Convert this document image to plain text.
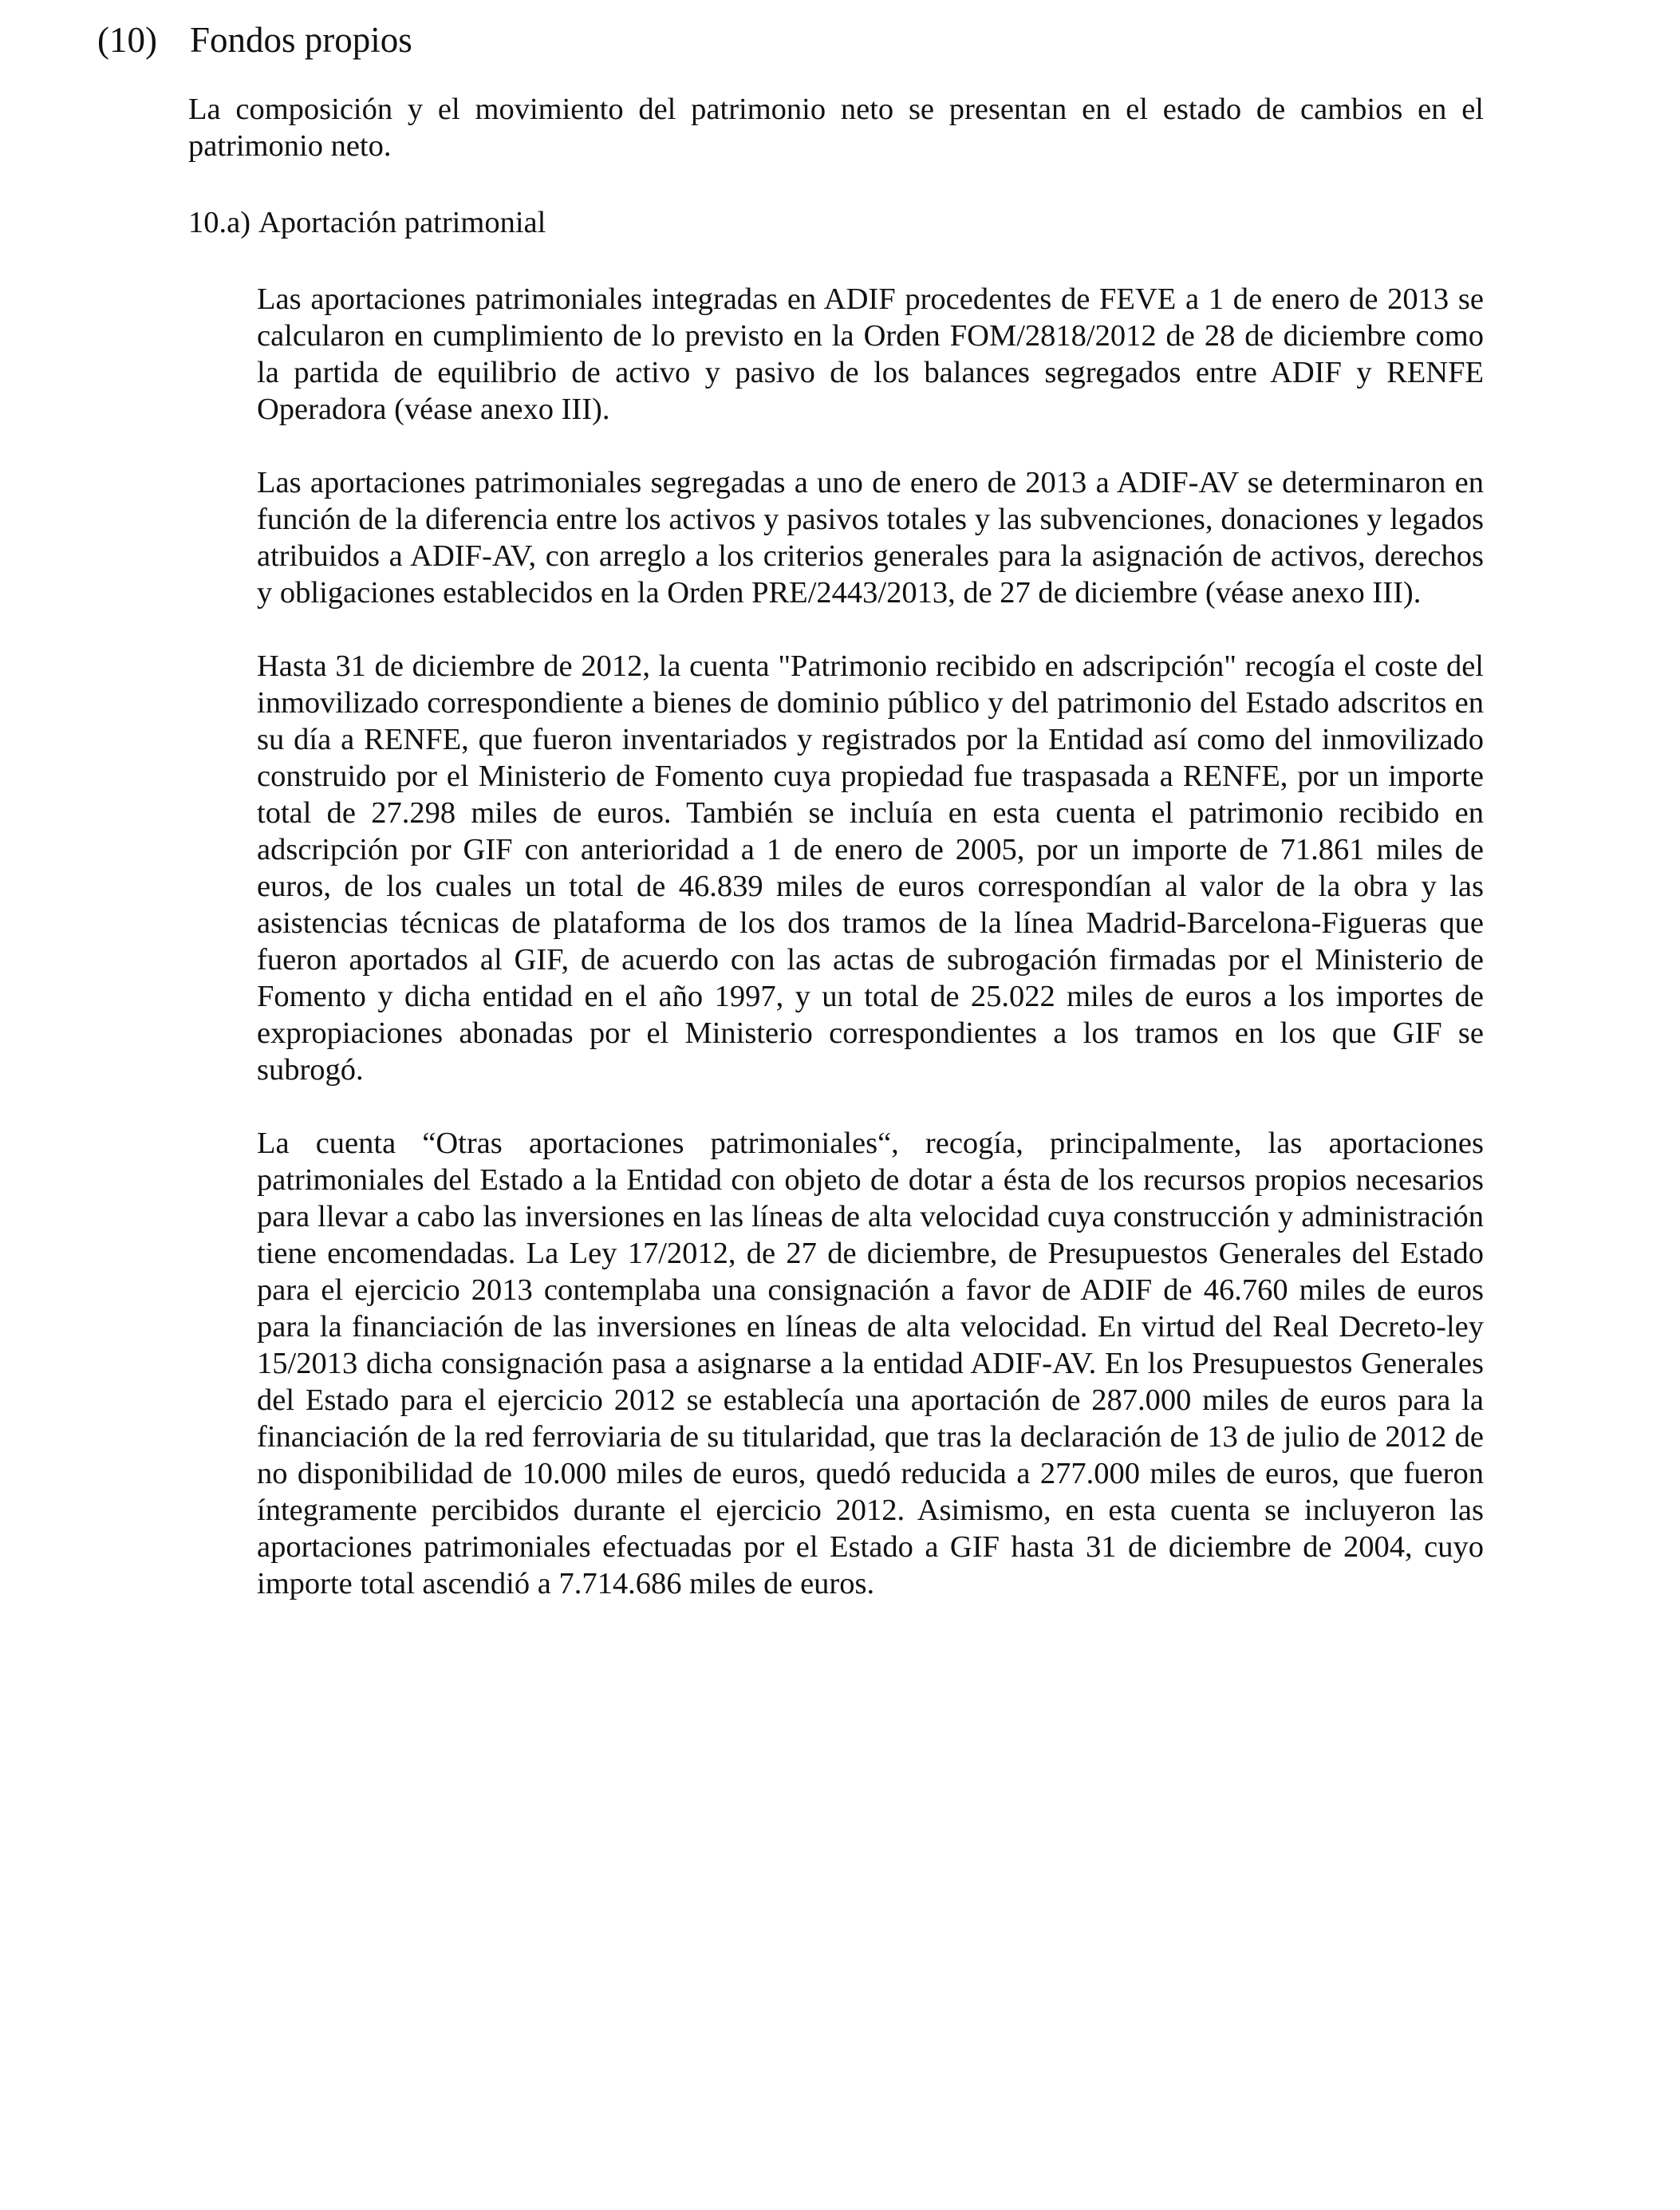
(10) Fondos propios

La composición y el movimiento del patrimonio neto se presentan en el estado de cambios en el patrimonio neto.

10.a) Aportación patrimonial

Las aportaciones patrimoniales integradas en ADIF procedentes de FEVE a 1 de enero de 2013 se calcularon en cumplimiento de lo previsto en la Orden FOM/2818/2012 de 28 de diciembre como la partida de equilibrio de activo y pasivo de los balances segregados entre ADIF y RENFE Operadora (véase anexo III).

Las aportaciones patrimoniales segregadas a uno de enero de 2013 a ADIF-AV se determinaron en función de la diferencia entre los activos y pasivos totales y las subvenciones, donaciones y legados atribuidos a ADIF-AV, con arreglo a los criterios generales para la asignación de activos, derechos y obligaciones establecidos en la Orden PRE/2443/2013, de 27 de diciembre (véase anexo III).

Hasta 31 de diciembre de 2012, la cuenta "Patrimonio recibido en adscripción" recogía el coste del inmovilizado correspondiente a bienes de dominio público y del patrimonio del Estado adscritos en su día a RENFE, que fueron inventariados y registrados por la Entidad así como del inmovilizado construido por el Ministerio de Fomento cuya propiedad fue traspasada a RENFE, por un importe total de 27.298 miles de euros. También se incluía en esta cuenta el patrimonio recibido en adscripción por GIF con anterioridad a 1 de enero de 2005, por un importe de 71.861 miles de euros, de los cuales un total de 46.839 miles de euros correspondían al valor de la obra y las asistencias técnicas de plataforma de los dos tramos de la línea Madrid-Barcelona-Figueras que fueron aportados al GIF, de acuerdo con las actas de subrogación firmadas por el Ministerio de Fomento y dicha entidad en el año 1997, y un total de 25.022 miles de euros a los importes de expropiaciones abonadas por el Ministerio correspondientes a los tramos en los que GIF se subrogó.

La cuenta “Otras aportaciones patrimoniales“, recogía, principalmente, las aportaciones patrimoniales del Estado a la Entidad con objeto de dotar a ésta de los recursos propios necesarios para llevar a cabo las inversiones en las líneas de alta velocidad cuya construcción y administración tiene encomendadas. La Ley 17/2012, de 27 de diciembre, de Presupuestos Generales del Estado para el ejercicio 2013 contemplaba una consignación a favor de ADIF de 46.760 miles de euros para la financiación de las inversiones en líneas de alta velocidad. En virtud del Real Decreto-ley 15/2013 dicha consignación pasa a asignarse a la entidad ADIF-AV. En los Presupuestos Generales del Estado para el ejercicio 2012 se establecía una aportación de 287.000 miles de euros para la financiación de la red ferroviaria de su titularidad, que tras la declaración de 13 de julio de 2012 de no disponibilidad de 10.000 miles de euros, quedó reducida a 277.000 miles de euros, que fueron íntegramente percibidos durante el ejercicio 2012. Asimismo, en esta cuenta se incluyeron las aportaciones patrimoniales efectuadas por el Estado a GIF hasta 31 de diciembre de 2004, cuyo importe total ascendió a 7.714.686 miles de euros.
